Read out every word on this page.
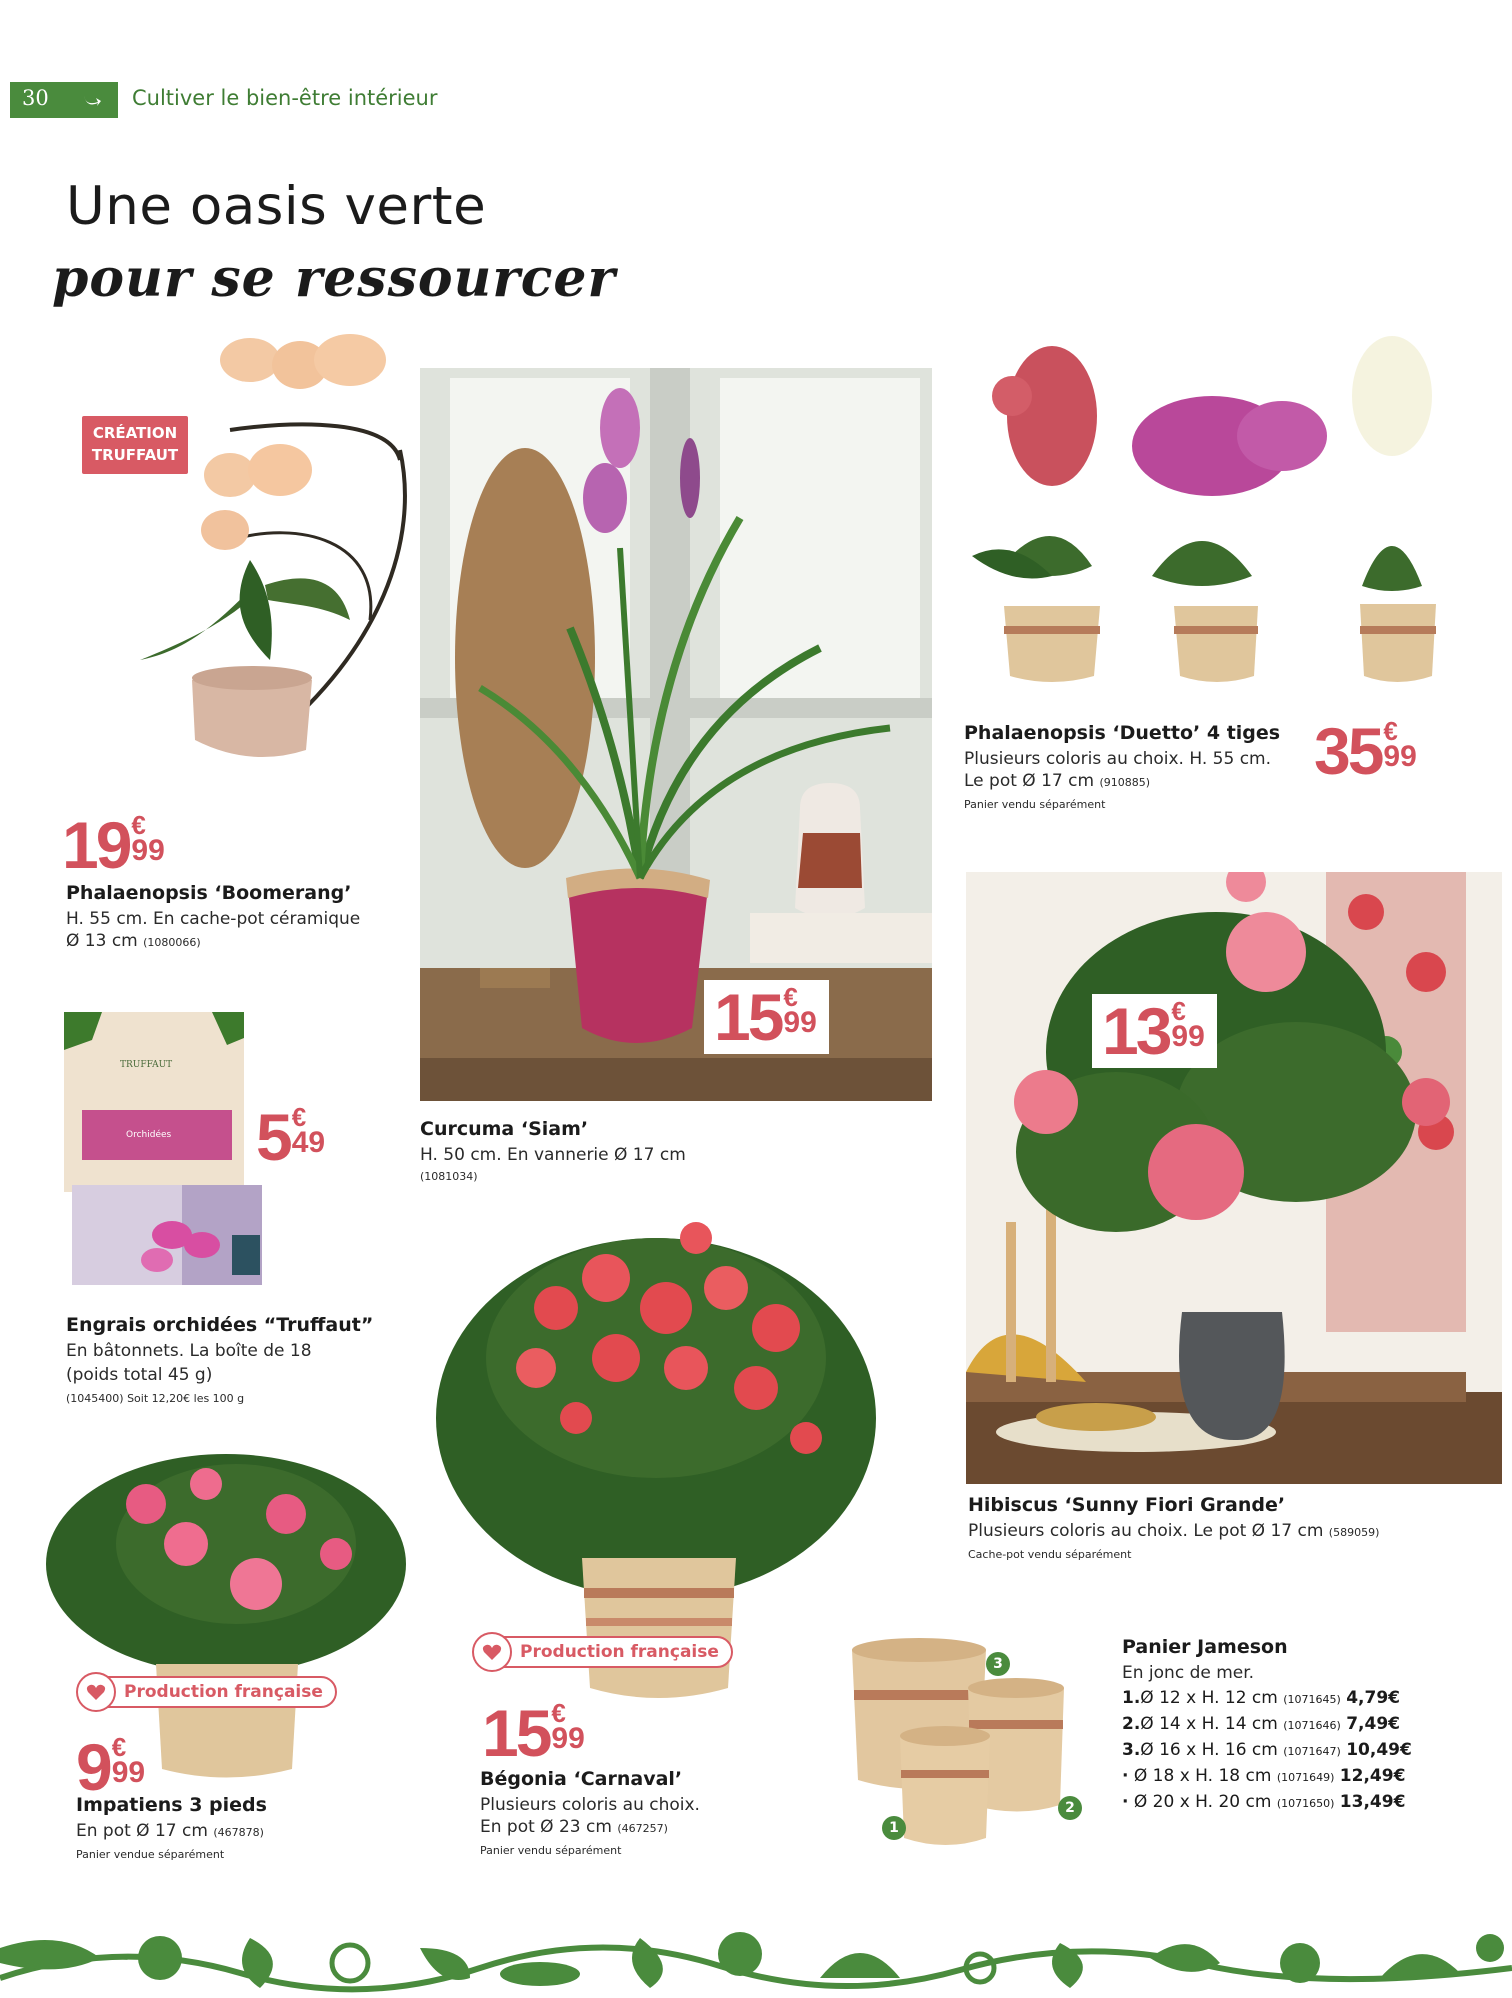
30	Cultiver le bien-être intérieur
Une oasis verte
pour se ressourcer
CRÉATION
TRUFFAUT
19 €
99
Phalaenopsis ‘Boomerang’
H. 55 cm. En cache-pot céramique
Ø 13 cm (1080066)
TRUFFAUT
Orchidées 5 €
49
Engrais orchidées “Truffaut”
En bâtonnets. La boîte de 18
(poids total 45 g)
(1045400) Soit 12,20€ les 100 g
15 €
99
Curcuma ‘Siam’
H. 50 cm. En vannerie Ø 17 cm
(1081034)
Phalaenopsis ‘Duetto’ 4 tiges
Plusieurs coloris au choix. H. 55 cm.
Le pot Ø 17 cm (910885)
Panier vendu séparément
35 €
99
13 €
99
Hibiscus ‘Sunny Fiori Grande’
Plusieurs coloris au choix. Le pot Ø 17 cm (589059)
Cache-pot vendu séparément
Production française
15 €
99
Bégonia ‘Carnaval’
Plusieurs coloris au choix.
En pot Ø 23 cm (467257)
Panier vendu séparément
Production française
9 €
99
Impatiens 3 pieds
En pot Ø 17 cm (467878)
Panier vendue séparément
1
2
3
Panier Jameson
En jonc de mer.
1.Ø 12 x H. 12 cm (1071645) 4,79€
2.Ø 14 x H. 14 cm (1071646) 7,49€
3.Ø 16 x H. 16 cm (1071647) 10,49€
· Ø 18 x H. 18 cm (1071649) 12,49€
· Ø 20 x H. 20 cm (1071650) 13,49€
